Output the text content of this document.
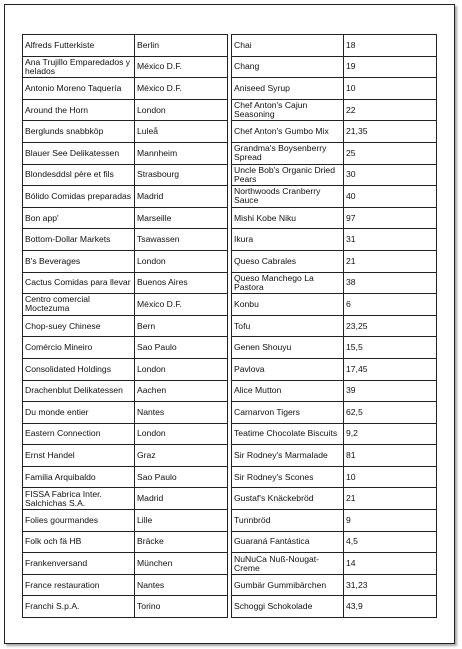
Alfreds Futterkiste	Berlin
Ana Trujillo Emparedados y helados	México D.F.
Antonio Moreno Taquería	México D.F.
Around the Horn	London
Berglunds snabbköp	Luleå
Blauer See Delikatessen	Mannheim
Blondesddsl père et fils	Strasbourg
Bólido Comidas preparadas	Madrid
Bon app'	Marseille
Bottom-Dollar Markets	Tsawassen
B's Beverages	London
Cactus Comidas para llevar	Buenos Aires
Centro comercial Moctezuma	México D.F.
Chop-suey Chinese	Bern
Comércio Mineiro	Sao Paulo
Consolidated Holdings	London
Drachenblut Delikatessen	Aachen
Du monde entier	Nantes
Eastern Connection	London
Ernst Handel	Graz
Familia Arquibaldo	Sao Paulo
FISSA Fabrica Inter. Salchichas S.A.	Madrid
Folies gourmandes	Lille
Folk och fä HB	Bräcke
Frankenversand	München
France restauration	Nantes
Franchi S.p.A.	Torino
Chai	18
Chang	19
Aniseed Syrup	10
Chef Anton's Cajun Seasoning	22
Chef Anton's Gumbo Mix	21,35
Grandma's Boysenberry Spread	25
Uncle Bob's Organic Dried Pears	30
Northwoods Cranberry Sauce	40
Mishi Kobe Niku	97
Ikura	31
Queso Cabrales	21
Queso Manchego La Pastora	38
Konbu	6
Tofu	23,25
Genen Shouyu	15,5
Pavlova	17,45
Alice Mutton	39
Carnarvon Tigers	62,5
Teatime Chocolate Biscuits	9,2
Sir Rodney's Marmalade	81
Sir Rodney's Scones	10
Gustaf's Knäckebröd	21
Tunnbröd	9
Guaraná Fantástica	4,5
NuNuCa Nuß-Nougat-Creme	14
Gumbär Gummibärchen	31,23
Schoggi Schokolade	43,9
